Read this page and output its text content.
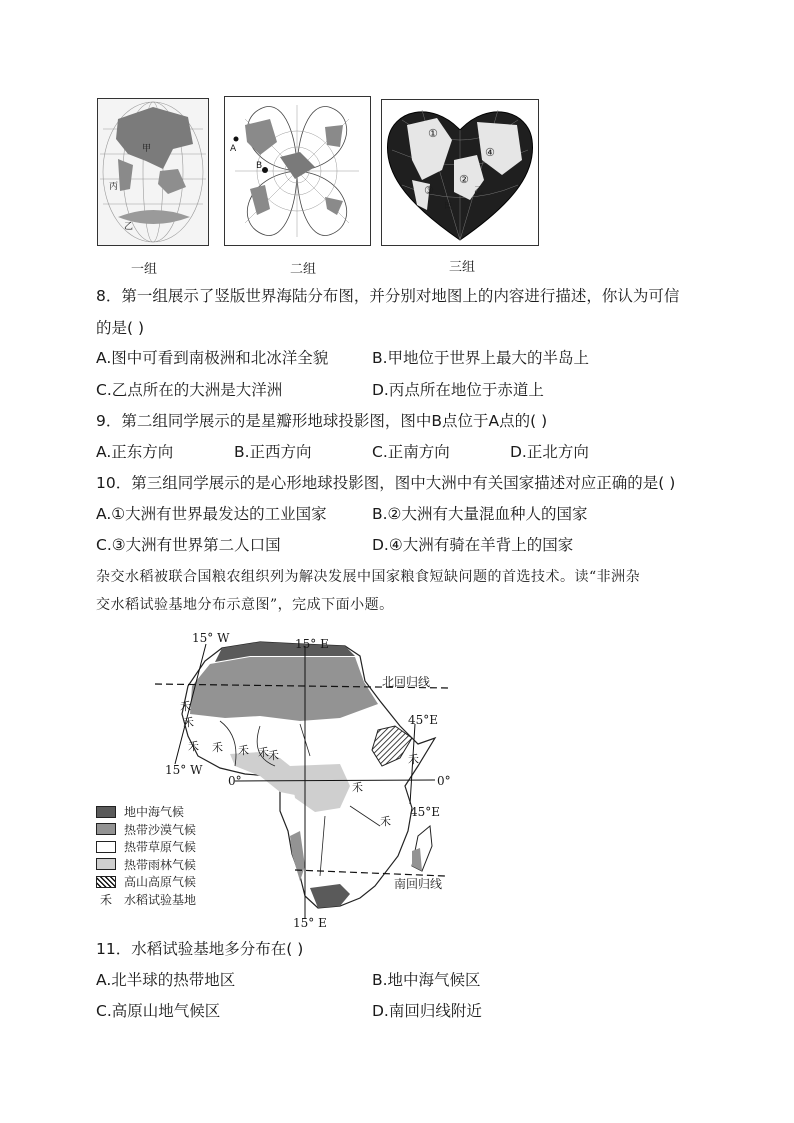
甲
丙
乙
一组
A
B
二组
①
④
②
乙
③
田
三组
8．第一组展示了竖版世界海陆分布图，并分别对地图上的内容进行描述，你认为可信
的是( )
A.图中可看到南极洲和北冰洋全貌	B.甲地位于世界上最大的半岛上
C.乙点所在的大洲是大洋洲	D.丙点所在地位于赤道上
9．第二组同学展示的是星瓣形地球投影图，图中B点位于A点的( )
A.正东方向	B.正西方向	C.正南方向	D.正北方向
10．第三组同学展示的是心形地球投影图，图中大洲中有关国家描述对应正确的是( )
A.①大洲有世界最发达的工业国家	B.②大洲有大量混血种人的国家
C.③大洲有世界第二人口国	D.④大洲有骑在羊背上的国家
杂交水稻被联合国粮农组织列为解决发展中国家粮食短缺问题的首选技术。读“非洲杂
交水稻试验基地分布示意图”，完成下面小题。
⽲
⽲
⽲ ⽲ ⽲ ⽲ ⽲	⽲
⽲
⽲
15° W	15° E
北回归线
45°E
15° W
0°	0°
45°E
南回归线
15° E
地中海气候
热带沙漠气候
热带草原气候
热带雨林气候
高山高原气候
⽲	水稻试验基地
11．水稻试验基地多分布在( )
A.北半球的热带地区	B.地中海气候区
C.高原山地气候区	D.南回归线附近
